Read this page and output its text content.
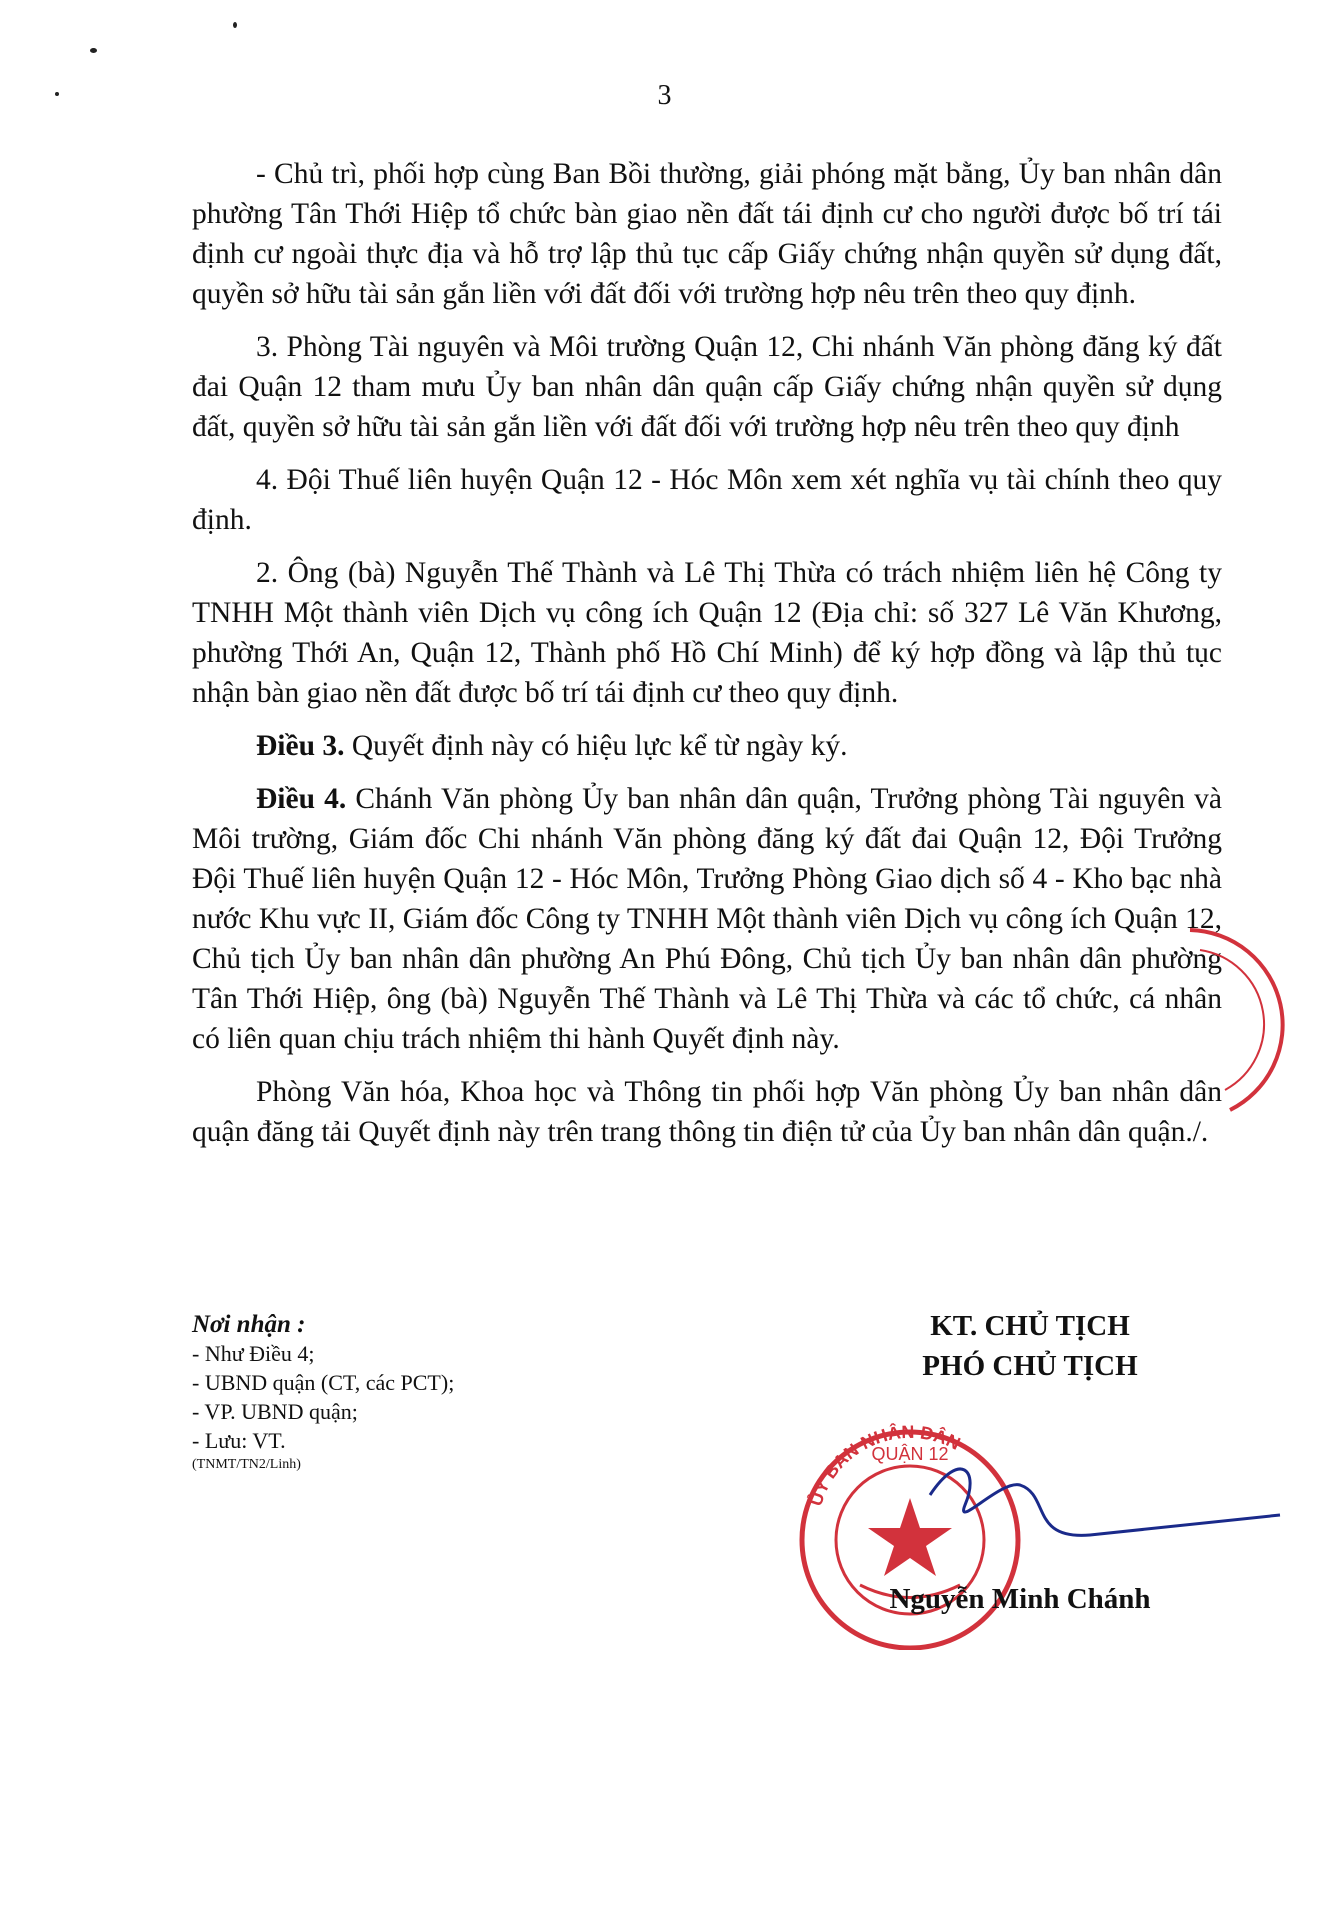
3

- Chủ trì, phối hợp cùng Ban Bồi thường, giải phóng mặt bằng, Ủy ban nhân dân phường Tân Thới Hiệp tổ chức bàn giao nền đất tái định cư cho người được bố trí tái định cư ngoài thực địa và hỗ trợ lập thủ tục cấp Giấy chứng nhận quyền sử dụng đất, quyền sở hữu tài sản gắn liền với đất đối với trường hợp nêu trên theo quy định.

3. Phòng Tài nguyên và Môi trường Quận 12, Chi nhánh Văn phòng đăng ký đất đai Quận 12 tham mưu Ủy ban nhân dân quận cấp Giấy chứng nhận quyền sử dụng đất, quyền sở hữu tài sản gắn liền với đất đối với trường hợp nêu trên theo quy định

4. Đội Thuế liên huyện Quận 12 - Hóc Môn xem xét nghĩa vụ tài chính theo quy định.

2. Ông (bà) Nguyễn Thế Thành và Lê Thị Thừa có trách nhiệm liên hệ Công ty TNHH Một thành viên Dịch vụ công ích Quận 12 (Địa chỉ: số 327 Lê Văn Khương, phường Thới An, Quận 12, Thành phố Hồ Chí Minh) để ký hợp đồng và lập thủ tục nhận bàn giao nền đất được bố trí tái định cư theo quy định.

Điều 3. Quyết định này có hiệu lực kể từ ngày ký.

Điều 4. Chánh Văn phòng Ủy ban nhân dân quận, Trưởng phòng Tài nguyên và Môi trường, Giám đốc Chi nhánh Văn phòng đăng ký đất đai Quận 12, Đội Trưởng Đội Thuế liên huyện Quận 12 - Hóc Môn, Trưởng Phòng Giao dịch số 4 - Kho bạc nhà nước Khu vực II, Giám đốc Công ty TNHH Một thành viên Dịch vụ công ích Quận 12, Chủ tịch Ủy ban nhân dân phường An Phú Đông, Chủ tịch Ủy ban nhân dân phường Tân Thới Hiệp, ông (bà) Nguyễn Thế Thành và Lê Thị Thừa và các tổ chức, cá nhân có liên quan chịu trách nhiệm thi hành Quyết định này.

Phòng Văn hóa, Khoa học và Thông tin phối hợp Văn phòng Ủy ban nhân dân quận đăng tải Quyết định này trên trang thông tin điện tử của Ủy ban nhân dân quận./.

Nơi nhận :
- Như Điều 4;
- UBND quận (CT, các PCT);
- VP. UBND quận;
- Lưu: VT.
(TNMT/TN2/Linh)
KT. CHỦ TỊCH
PHÓ CHỦ TỊCH
ỦY BAN NHÂN DÂN
QUẬN 12
Nguyễn Minh Chánh
